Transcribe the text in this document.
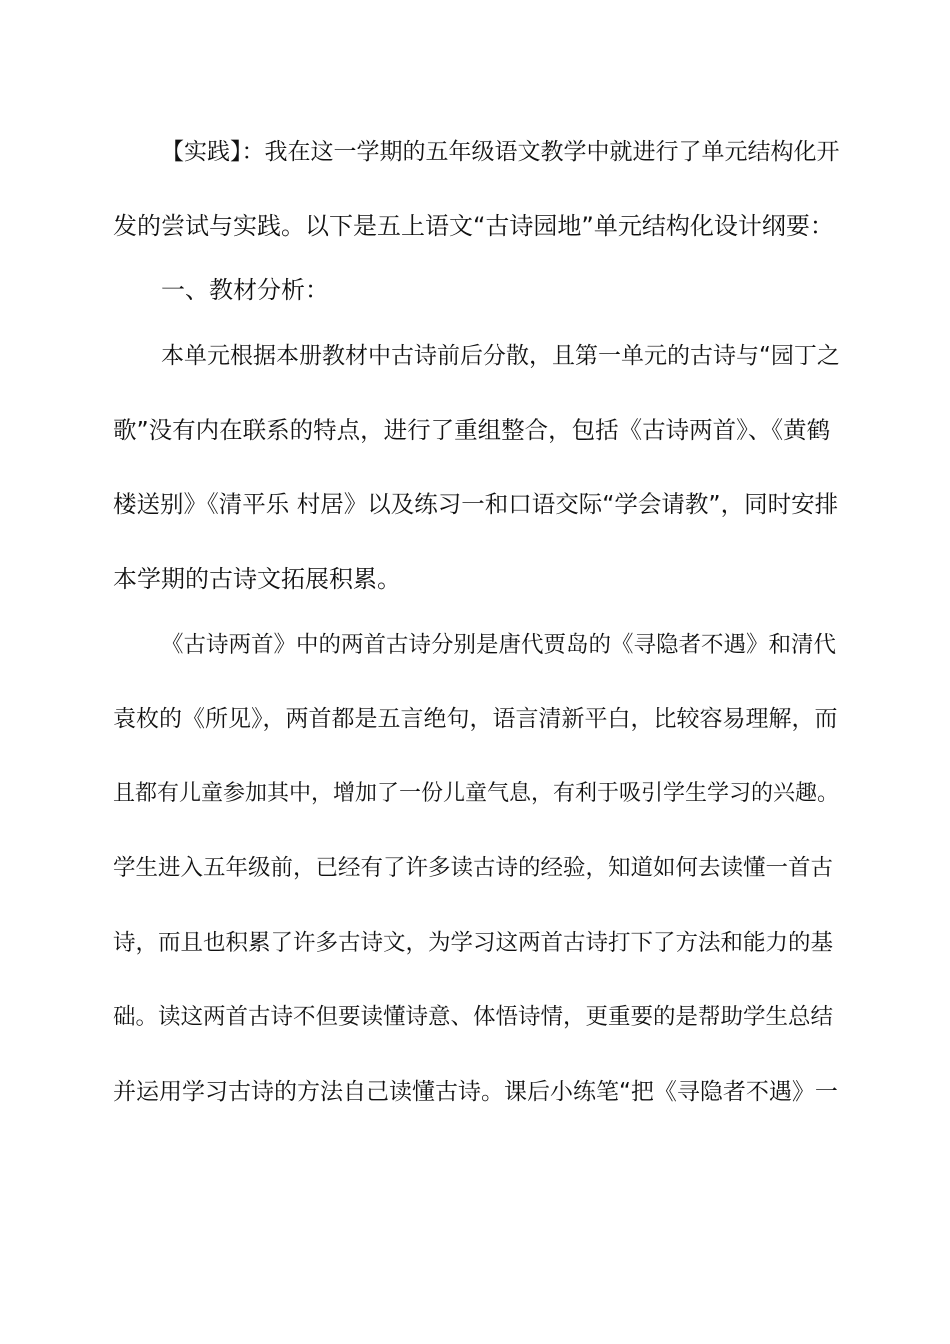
【实践】：我在这一学期的五年级语文教学中就进行了单元结构化开
发的尝试与实践。以下是五上语文“古诗园地”单元结构化设计纲要：
一、教材分析：
本单元根据本册教材中古诗前后分散，且第一单元的古诗与“园丁之
歌”没有内在联系的特点，进行了重组整合，包括《古诗两首》、《黄鹤
楼送别》《清平乐 村居》以及练习一和口语交际“学会请教”，同时安排
本学期的古诗文拓展积累。
《古诗两首》中的两首古诗分别是唐代贾岛的《寻隐者不遇》和清代
袁枚的《所见》，两首都是五言绝句，语言清新平白，比较容易理解，而
且都有儿童参加其中，增加了一份儿童气息，有利于吸引学生学习的兴趣。
学生进入五年级前，已经有了许多读古诗的经验，知道如何去读懂一首古
诗，而且也积累了许多古诗文，为学习这两首古诗打下了方法和能力的基
础。读这两首古诗不但要读懂诗意、体悟诗情，更重要的是帮助学生总结
并运用学习古诗的方法自己读懂古诗。课后小练笔“把《寻隐者不遇》一
